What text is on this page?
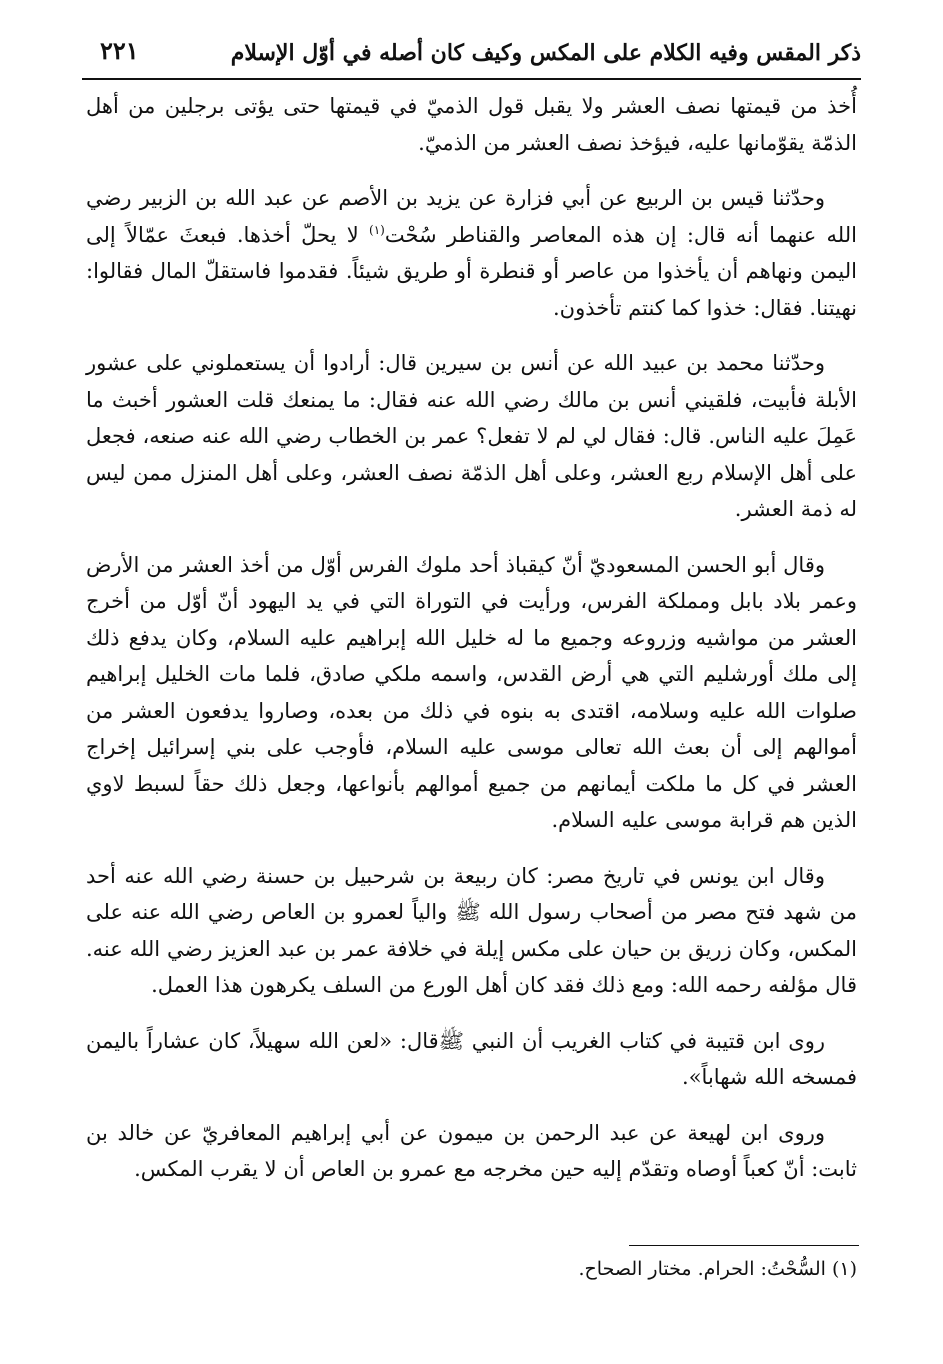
ذكر المقس وفيه الكلام على المكس وكيف كان أصله في أوّل الإسلام
٢٢١

أُخذ من قيمتها نصف العشر ولا يقبل قول الذميّ في قيمتها حتى يؤتى برجلين من أهل الذمّة يقوّمانها عليه، فيؤخذ نصف العشر من الذميّ.

وحدّثنا قيس بن الربيع عن أبي فزارة عن يزيد بن الأصم عن عبد الله بن الزبير رضي الله عنهما أنه قال: إن هذه المعاصر والقناطر سُحْت$^{(١)}$ لا يحلّ أخذها. فبعثَ عمّالاً إلى اليمن ونهاهم أن يأخذوا من عاصر أو قنطرة أو طريق شيئاً. فقدموا فاستقلّ المال فقالوا: نهيتنا. فقال: خذوا كما كنتم تأخذون.

وحدّثنا محمد بن عبيد الله عن أنس بن سيرين قال: أرادوا أن يستعملوني على عشور الأبلة فأبيت، فلقيني أنس بن مالك رضي الله عنه فقال: ما يمنعك قلت العشور أخبث ما عَمِلَ عليه الناس. قال: فقال لي لم لا تفعل؟ عمر بن الخطاب رضي الله عنه صنعه، فجعل على أهل الإسلام ربع العشر، وعلى أهل الذمّة نصف العشر، وعلى أهل المنزل ممن ليس له ذمة العشر.

وقال أبو الحسن المسعوديّ أنّ كيقباذ أحد ملوك الفرس أوّل من أخذ العشر من الأرض وعمر بلاد بابل ومملكة الفرس، ورأيت في التوراة التي في يد اليهود أنّ أوّل من أخرج العشر من مواشيه وزروعه وجميع ما له خليل الله إبراهيم عليه السلام، وكان يدفع ذلك إلى ملك أورشليم التي هي أرض القدس، واسمه ملكي صادق، فلما مات الخليل إبراهيم صلوات الله عليه وسلامه، اقتدى به بنوه في ذلك من بعده، وصاروا يدفعون العشر من أموالهم إلى أن بعث الله تعالى موسى عليه السلام، فأوجب على بني إسرائيل إخراج العشر في كل ما ملكت أيمانهم من جميع أموالهم بأنواعها، وجعل ذلك حقاً لسبط لاوي الذين هم قرابة موسى عليه السلام.

وقال ابن يونس في تاريخ مصر: كان ربيعة بن شرحبيل بن حسنة رضي الله عنه أحد من شهد فتح مصر من أصحاب رسول الله ﷺ والياً لعمرو بن العاص رضي الله عنه على المكس، وكان زريق بن حيان على مكس إيلة في خلافة عمر بن عبد العزيز رضي الله عنه. قال مؤلفه رحمه الله: ومع ذلك فقد كان أهل الورع من السلف يكرهون هذا العمل.

روى ابن قتيبة في كتاب الغريب أن النبي ﷺقال: «لعن الله سهيلاً، كان عشاراً باليمن فمسخه الله شهاباً».

وروى ابن لهيعة عن عبد الرحمن بن ميمون عن أبي إبراهيم المعافريّ عن خالد بن ثابت: أنّ كعباً أوصاه وتقدّم إليه حين مخرجه مع عمرو بن العاص أن لا يقرب المكس.

(١) السُّحْتُ: الحرام. مختار الصحاح.
